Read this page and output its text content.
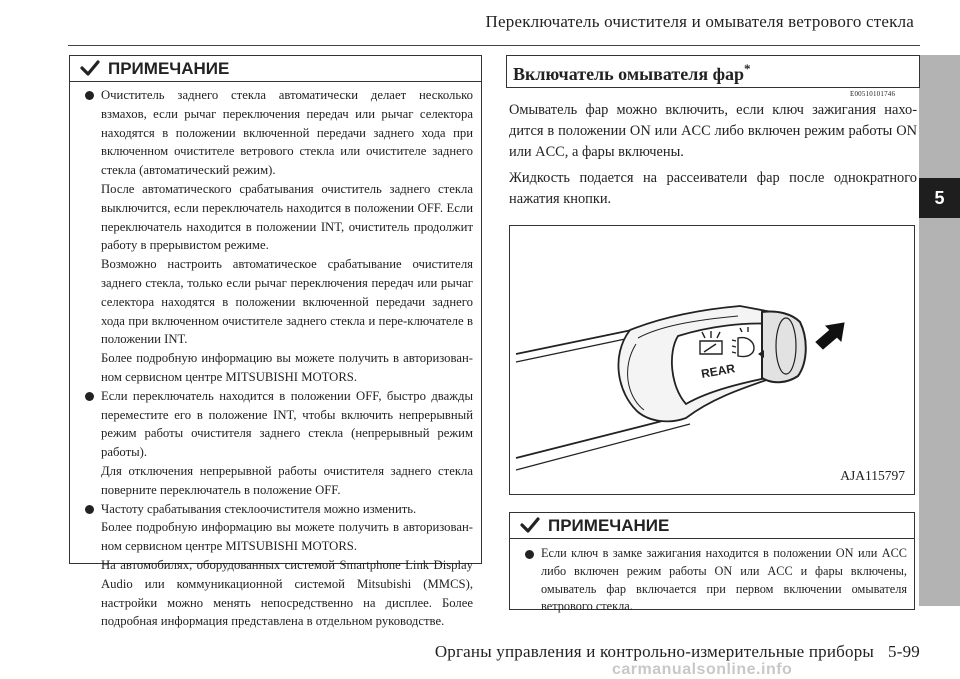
Переключатель очистителя и омывателя ветрового стекла
5
ПРИМЕЧАНИЕ

Очиститель заднего стекла автоматически делает несколько взмахов, если рычаг переключения передач или рычаг селектора находятся в положении включенной передачи заднего хода при включенном очистителе ветрового стекла или очистителе заднего стекла (автоматический режим).

После автоматического срабатывания очиститель заднего стекла выключится, если переключатель находится в положении OFF. Если переключатель находится в положении INT, очиститель продолжит работу в прерывистом режиме.

Возможно настроить автоматическое срабатывание очистителя заднего стекла, только если рычаг переключения передач или рычаг селектора находятся в положении включенной передачи заднего хода при включенном очистителе заднего стекла и пере-ключателе в положении INT.

Более подробную информацию вы можете получить в авторизован-ном сервисном центре MITSUBISHI MOTORS.

Если переключатель находится в положении OFF, быстро дважды переместите его в положение INT, чтобы включить непрерывный режим работы очистителя заднего стекла (непрерывный режим работы).

Для отключения непрерывной работы очистителя заднего стекла поверните переключатель в положение OFF.

Частоту срабатывания стеклоочистителя можно изменить.

Более подробную информацию вы можете получить в авторизован-ном сервисном центре MITSUBISHI MOTORS.

На автомобилях, оборудованных системой Smartphone Link Display Audio или коммуникационной системой Mitsubishi (MMCS), настройки можно менять непосредственно на дисплее. Более подробная информация представлена в отдельном руководстве.

Включатель омывателя фар*
E00510101746

Омыватель фар можно включить, если ключ зажигания нахо-дится в положении ON или ACC либо включен режим работы ON или ACC, а фары включены.

Жидкость подается на рассеиватели фар после однократного нажатия кнопки.

REAR
AJA115797
ПРИМЕЧАНИЕ

Если ключ в замке зажигания находится в положении ON или ACC либо включен режим работы ON или ACC и фары включены, омыватель фар включается при первом включении омывателя ветрового стекла.

Органы управления и контрольно-измерительные приборы 5-99
carmanualsonline.info
